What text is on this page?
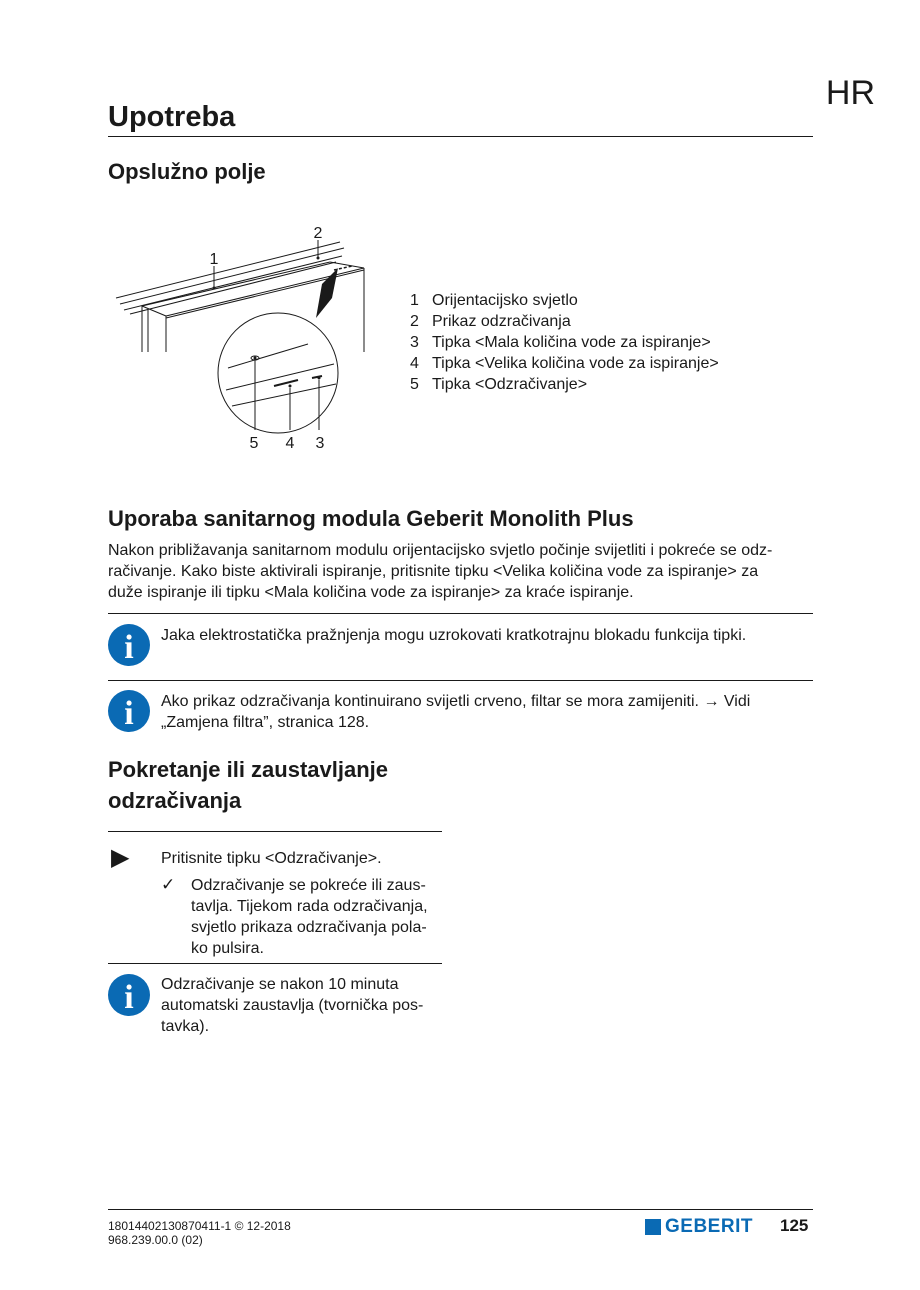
HR
Upotreba
Opslužno polje
1
2
5 4 3
1 Orijentacijsko svjetlo
2 Prikaz odzračivanja
3 Tipka <Mala količina vode za ispiranje>
4 Tipka <Velika količina vode za ispiranje>
5 Tipka <Odzračivanje>
Uporaba sanitarnog modula Geberit Monolith Plus
Nakon približavanja sanitarnom modulu orijentacijsko svjetlo počinje svijetliti i pokreće se odz-
račivanje. Kako biste aktivirali ispiranje, pritisnite tipku <Velika količina vode za ispiranje> za
duže ispiranje ili tipku <Mala količina vode za ispiranje> za kraće ispiranje.
i Jaka elektrostatička pražnjenja mogu uzrokovati kratkotrajnu blokadu funkcija tipki.
i Ako prikaz odzračivanja kontinuirano svijetli crveno, filtar se mora zamijeniti. → Vidi
„Zamjena filtra”, stranica 128.
Pokretanje ili zaustavljanje
odzračivanja
▶ Pritisnite tipku <Odzračivanje>.
✓ Odzračivanje se pokreće ili zaus-
tavlja. Tijekom rada odzračivanja,
svjetlo prikaza odzračivanja pola-
ko pulsira.
i Odzračivanje se nakon 10 minuta
automatski zaustavlja (tvornička pos-
tavka).
18014402130870411-1 © 12-2018
968.239.00.0 (02)
GEBERIT 125
